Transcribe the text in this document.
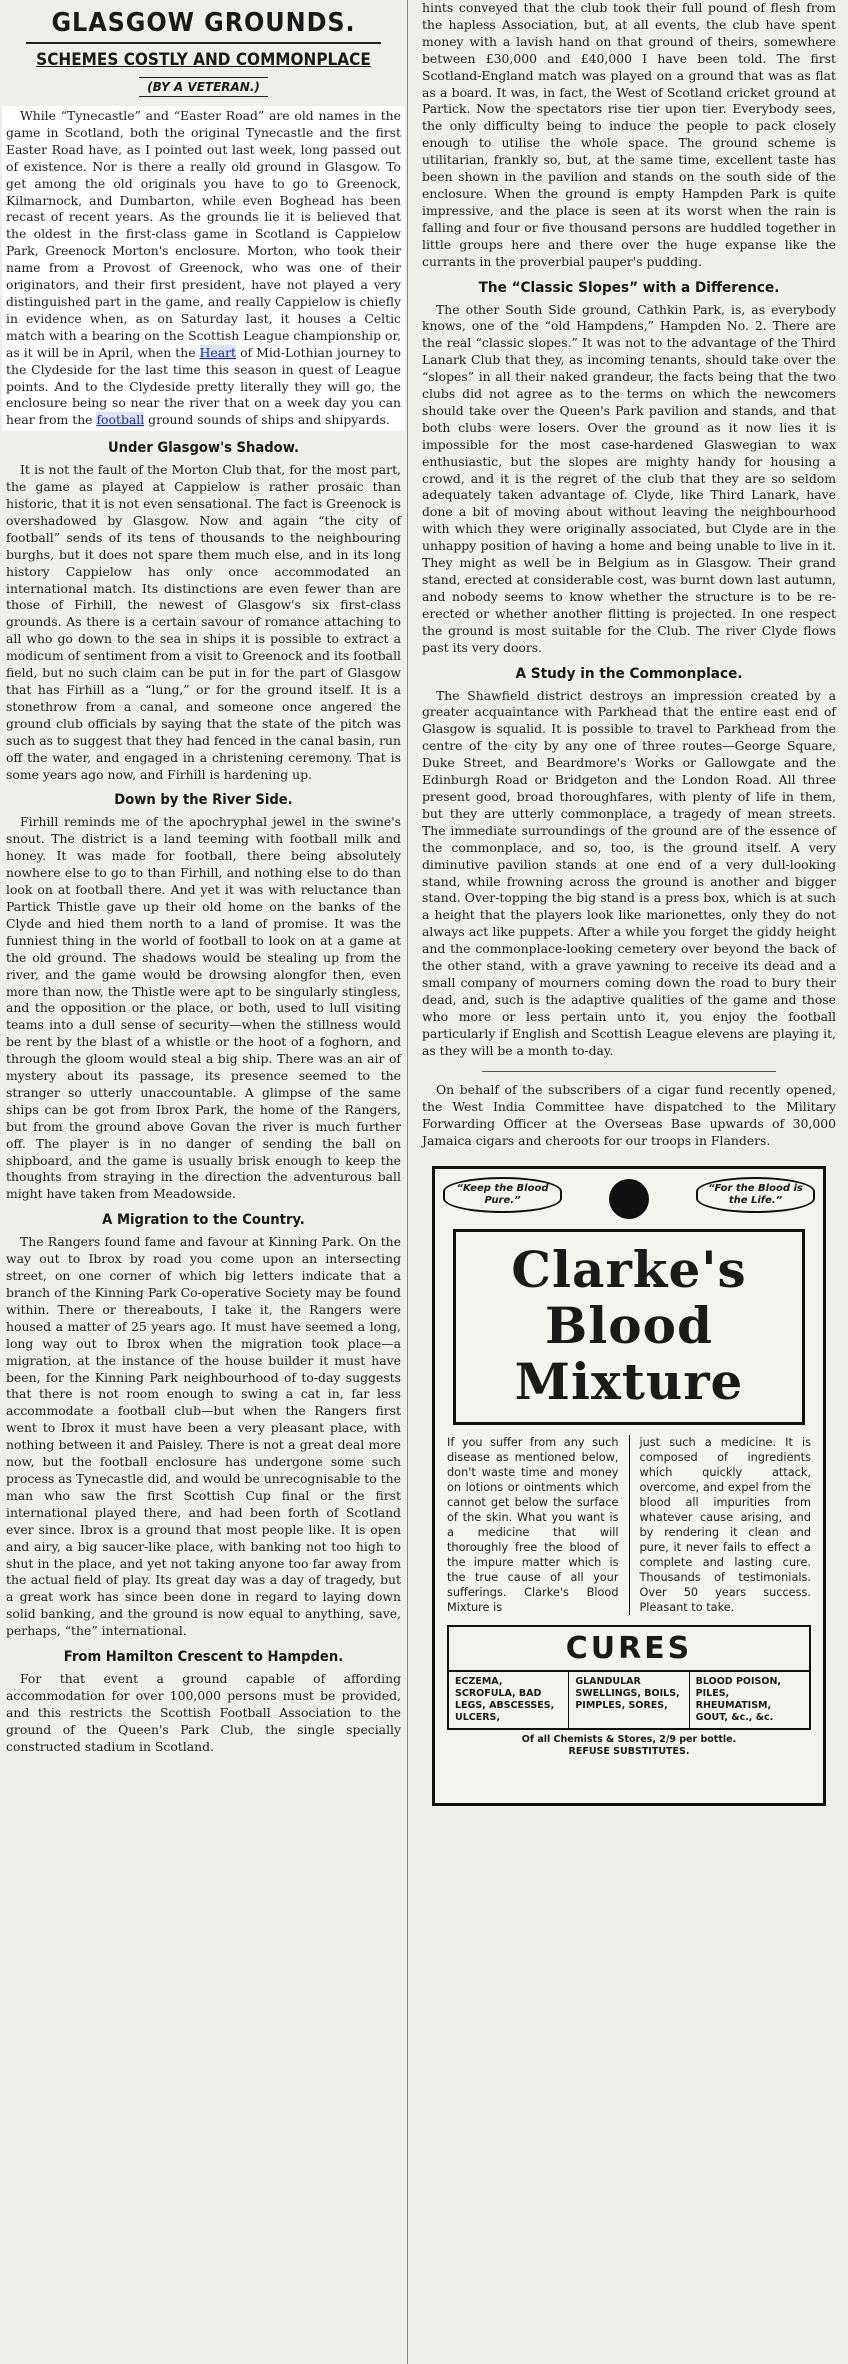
GLASGOW GROUNDS.
SCHEMES COSTLY AND COMMONPLACE
(BY A VETERAN.)

While “Tynecastle” and “Easter Road” are old names in the game in Scotland, both the original Tynecastle and the first Easter Road have, as I pointed out last week, long passed out of existence. Nor is there a really old ground in Glasgow. To get among the old originals you have to go to Greenock, Kilmarnock, and Dumbarton, while even Boghead has been recast of recent years. As the grounds lie it is believed that the oldest in the first-class game in Scotland is Cappielow Park, Greenock Morton's enclosure. Morton, who took their name from a Provost of Greenock, who was one of their originators, and their first president, have not played a very distinguished part in the game, and really Cappielow is chiefly in evidence when, as on Saturday last, it houses a Celtic match with a bearing on the Scottish League championship or, as it will be in April, when the Heart of Mid-Lothian journey to the Clydeside for the last time this season in quest of League points. And to the Clydeside pretty literally they will go, the enclosure being so near the river that on a week day you can hear from the football ground sounds of ships and shipyards.

Under Glasgow's Shadow.

It is not the fault of the Morton Club that, for the most part, the game as played at Cappielow is rather prosaic than historic, that it is not even sensational. The fact is Greenock is overshadowed by Glasgow. Now and again “the city of football” sends of its tens of thousands to the neighbouring burghs, but it does not spare them much else, and in its long history Cappielow has only once accommodated an international match. Its distinctions are even fewer than are those of Firhill, the newest of Glasgow's six first-class grounds. As there is a certain savour of romance attaching to all who go down to the sea in ships it is possible to extract a modicum of sentiment from a visit to Greenock and its football field, but no such claim can be put in for the part of Glasgow that has Firhill as a “lung,” or for the ground itself. It is a stonethrow from a canal, and someone once angered the ground club officials by saying that the state of the pitch was such as to suggest that they had fenced in the canal basin, run off the water, and engaged in a christening ceremony. That is some years ago now, and Firhill is hardening up.

Down by the River Side.

Firhill reminds me of the apochryphal jewel in the swine's snout. The district is a land teeming with football milk and honey. It was made for football, there being absolutely nowhere else to go to than Firhill, and nothing else to do than look on at football there. And yet it was with reluctance than Partick Thistle gave up their old home on the banks of the Clyde and hied them north to a land of promise. It was the funniest thing in the world of football to look on at a game at the old ground. The shadows would be stealing up from the river, and the game would be drowsing alongfor then, even more than now, the Thistle were apt to be singularly stingless, and the opposition or the place, or both, used to lull visiting teams into a dull sense of security—when the stillness would be rent by the blast of a whistle or the hoot of a foghorn, and through the gloom would steal a big ship. There was an air of mystery about its passage, its presence seemed to the stranger so utterly unaccountable. A glimpse of the same ships can be got from Ibrox Park, the home of the Rangers, but from the ground above Govan the river is much further off. The player is in no danger of sending the ball on shipboard, and the game is usually brisk enough to keep the thoughts from straying in the direction the adventurous ball might have taken from Meadowside.

A Migration to the Country.

The Rangers found fame and favour at Kinning Park. On the way out to Ibrox by road you come upon an intersecting street, on one corner of which big letters indicate that a branch of the Kinning Park Co-operative Society may be found within. There or thereabouts, I take it, the Rangers were housed a matter of 25 years ago. It must have seemed a long, long way out to Ibrox when the migration took place—a migration, at the instance of the house builder it must have been, for the Kinning Park neighbourhood of to-day suggests that there is not room enough to swing a cat in, far less accommodate a football club—but when the Rangers first went to Ibrox it must have been a very pleasant place, with nothing between it and Paisley. There is not a great deal more now, but the football enclosure has undergone some such process as Tynecastle did, and would be unrecognisable to the man who saw the first Scottish Cup final or the first international played there, and had been forth of Scotland ever since. Ibrox is a ground that most people like. It is open and airy, a big saucer-like place, with banking not too high to shut in the place, and yet not taking anyone too far away from the actual field of play. Its great day was a day of tragedy, but a great work has since been done in regard to laying down solid banking, and the ground is now equal to anything, save, perhaps, “the” international.

From Hamilton Crescent to Hampden.

For that event a ground capable of affording accommodation for over 100,000 persons must be provided, and this restricts the Scottish Football Association to the ground of the Queen's Park Club, the single specially constructed stadium in Scotland.

hints conveyed that the club took their full pound of flesh from the hapless Association, but, at all events, the club have spent money with a lavish hand on that ground of theirs, somewhere between £30,000 and £40,000 I have been told. The first Scotland-England match was played on a ground that was as flat as a board. It was, in fact, the West of Scotland cricket ground at Partick. Now the spectators rise tier upon tier. Everybody sees, the only difficulty being to induce the people to pack closely enough to utilise the whole space. The ground scheme is utilitarian, frankly so, but, at the same time, excellent taste has been shown in the pavilion and stands on the south side of the enclosure. When the ground is empty Hampden Park is quite impressive, and the place is seen at its worst when the rain is falling and four or five thousand persons are huddled together in little groups here and there over the huge expanse like the currants in the proverbial pauper's pudding.

The “Classic Slopes” with a Difference.

The other South Side ground, Cathkin Park, is, as everybody knows, one of the “old Hampdens,” Hampden No. 2. There are the real “classic slopes.” It was not to the advantage of the Third Lanark Club that they, as incoming tenants, should take over the “slopes” in all their naked grandeur, the facts being that the two clubs did not agree as to the terms on which the newcomers should take over the Queen's Park pavilion and stands, and that both clubs were losers. Over the ground as it now lies it is impossible for the most case-hardened Glaswegian to wax enthusiastic, but the slopes are mighty handy for housing a crowd, and it is the regret of the club that they are so seldom adequately taken advantage of. Clyde, like Third Lanark, have done a bit of moving about without leaving the neighbourhood with which they were originally associated, but Clyde are in the unhappy position of having a home and being unable to live in it. They might as well be in Belgium as in Glasgow. Their grand stand, erected at considerable cost, was burnt down last autumn, and nobody seems to know whether the structure is to be re-erected or whether another flitting is projected. In one respect the ground is most suitable for the Club. The river Clyde flows past its very doors.

A Study in the Commonplace.

The Shawfield district destroys an impression created by a greater acquaintance with Parkhead that the entire east end of Glasgow is squalid. It is possible to travel to Parkhead from the centre of the city by any one of three routes—George Square, Duke Street, and Beardmore's Works or Gallowgate and the Edinburgh Road or Bridgeton and the London Road. All three present good, broad thoroughfares, with plenty of life in them, but they are utterly commonplace, a tragedy of mean streets. The immediate surroundings of the ground are of the essence of the commonplace, and so, too, is the ground itself. A very diminutive pavilion stands at one end of a very dull-looking stand, while frowning across the ground is another and bigger stand. Over-topping the big stand is a press box, which is at such a height that the players look like marionettes, only they do not always act like puppets. After a while you forget the giddy height and the commonplace-looking cemetery over beyond the back of the other stand, with a grave yawning to receive its dead and a small company of mourners coming down the road to bury their dead, and, such is the adaptive qualities of the game and those who more or less pertain unto it, you enjoy the football particularly if English and Scottish League elevens are playing it, as they will be a month to-day.

On behalf of the subscribers of a cigar fund recently opened, the West India Committee have dispatched to the Military Forwarding Officer at the Overseas Base upwards of 30,000 Jamaica cigars and cheroots for our troops in Flanders.

“Keep the Blood Pure.”
“For the Blood is the Life.”
Clarke's
Blood
Mixture

If you suffer from any such disease as mentioned below, don't waste time and money on lotions or ointments which cannot get below the surface of the skin. What you want is a medicine that will thoroughly free the blood of the impure matter which is the true cause of all your sufferings. Clarke's Blood Mixture is

just such a medicine. It is composed of ingredients which quickly attack, overcome, and expel from the blood all impurities from whatever cause arising, and by rendering it clean and pure, it never fails to effect a complete and lasting cure. Thousands of testimonials. Over 50 years success. Pleasant to take.

CURES
ECZEMA, SCROFULA, BAD LEGS, ABSCESSES, ULCERS,
GLANDULAR SWELLINGS, BOILS, PIMPLES, SORES,
BLOOD POISON, PILES, RHEUMATISM, GOUT, &c., &c.
Of all Chemists & Stores, 2/9 per bottle.
REFUSE SUBSTITUTES.
